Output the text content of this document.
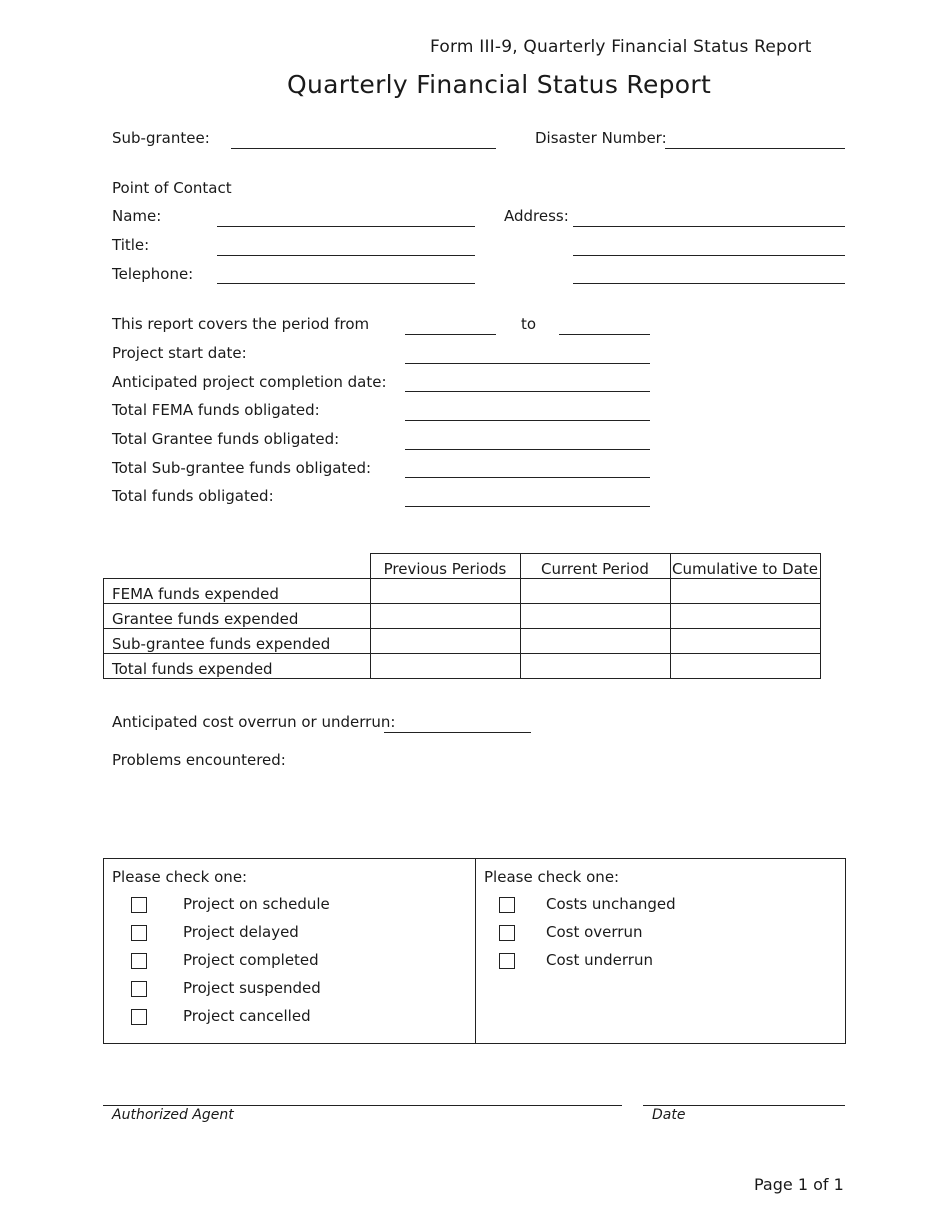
Form III-9, Quarterly Financial Status Report
Quarterly Financial Status Report
Sub-grantee:	Disaster Number:
Point of Contact
Name:	Address:
Title:
Telephone:
This report covers the period from	to
Project start date:
Anticipated project completion date:
Total FEMA funds obligated:
Total Grantee funds obligated:
Total Sub-grantee funds obligated:
Total funds obligated:
	Previous Periods	Current Period	Cumulative to Date
FEMA funds expended			
Grantee funds expended			
Sub-grantee funds expended			
Total funds expended			
Anticipated cost overrun or underrun:
Problems encountered:
Please check one:
Project on schedule
Project delayed
Project completed
Project suspended
Project cancelled
Please check one:
Costs unchanged
Cost overrun
Cost underrun
Authorized Agent	Date
Page 1 of 1
